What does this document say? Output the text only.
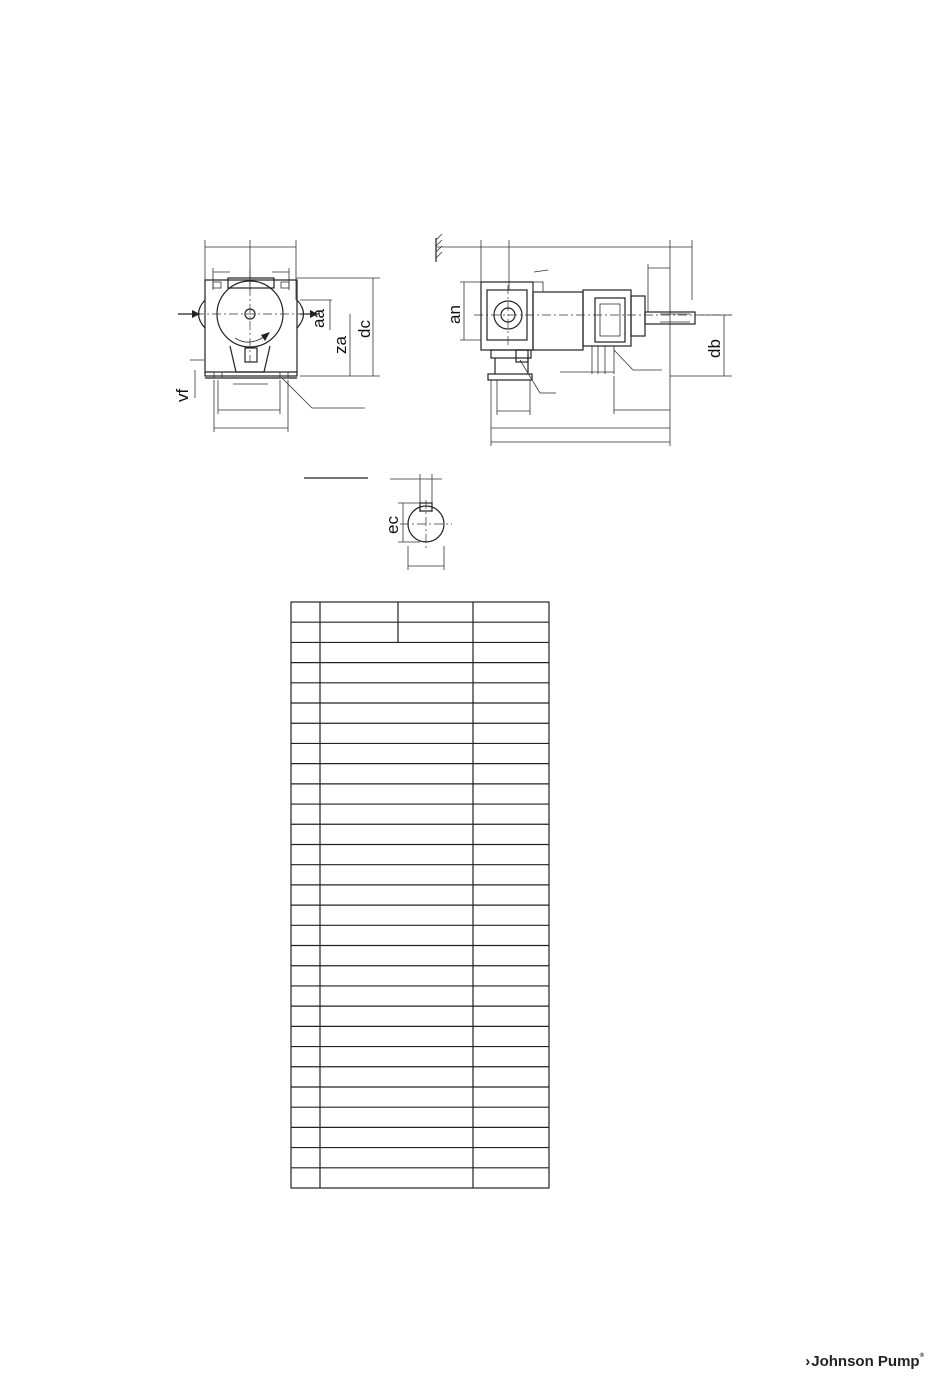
aa
za
dc
vf
an
db
ec
›Johnson Pump®
